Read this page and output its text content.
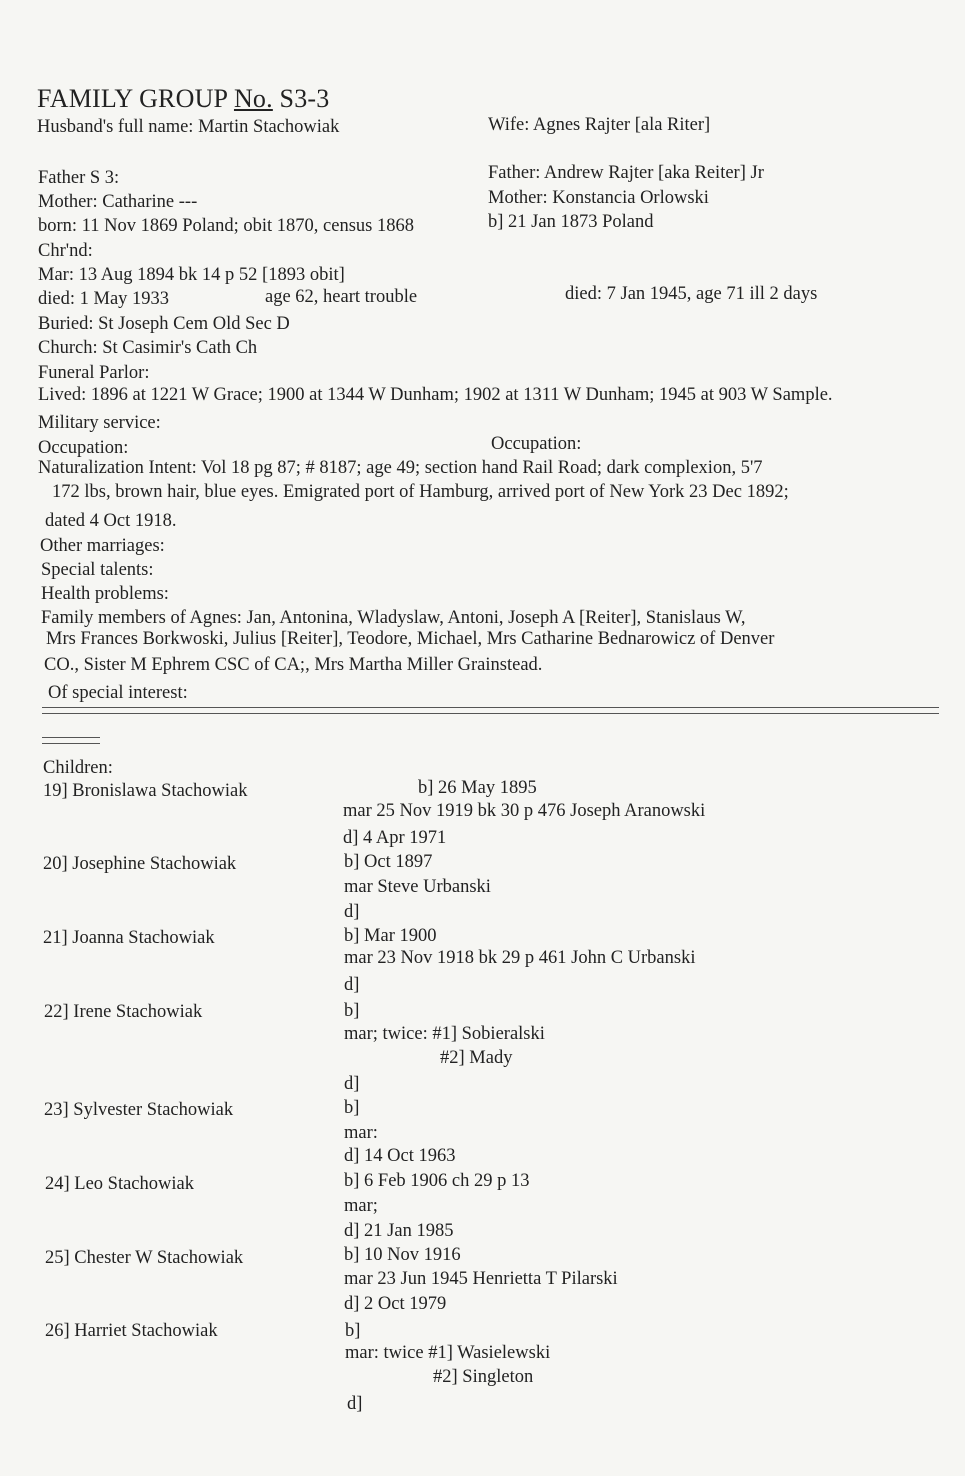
FAMILY GROUP No. S3-3
Husband's full name: Martin Stachowiak	Wife: Agnes Rajter [ala Riter]
Father S 3:	Father: Andrew Rajter [aka Reiter] Jr
Mother: Catharine ---	Mother: Konstancia Orlowski
born: 11 Nov 1869 Poland; obit 1870, census 1868	b] 21 Jan 1873 Poland
Chr'nd:
Mar: 13 Aug 1894 bk 14 p 52 [1893 obit]
died: 1 May 1933	age 62, heart trouble	died: 7 Jan 1945, age 71 ill 2 days
Buried: St Joseph Cem Old Sec D
Church: St Casimir's Cath Ch
Funeral Parlor:
Lived: 1896 at 1221 W Grace; 1900 at 1344 W Dunham; 1902 at 1311 W Dunham; 1945 at 903 W Sample.
Military service:
Occupation:	Occupation:
Naturalization Intent: Vol 18 pg 87; # 8187; age 49; section hand Rail Road; dark complexion, 5'7
172 lbs, brown hair, blue eyes. Emigrated port of Hamburg, arrived port of New York 23 Dec 1892;
dated 4 Oct 1918.
Other marriages:
Special talents:
Health problems:
Family members of Agnes: Jan, Antonina, Wladyslaw, Antoni, Joseph A [Reiter], Stanislaus W,
Mrs Frances Borkwoski, Julius [Reiter], Teodore, Michael, Mrs Catharine Bednarowicz of Denver
CO., Sister M Ephrem CSC of CA;, Mrs Martha Miller Grainstead.
Of special interest:
Children:
19] Bronislawa Stachowiak	b] 26 May 1895
mar 25 Nov 1919 bk 30 p 476 Joseph Aranowski
d] 4 Apr 1971
20] Josephine Stachowiak	b] Oct 1897
mar Steve Urbanski
d]
21] Joanna Stachowiak	b] Mar 1900
mar 23 Nov 1918 bk 29 p 461 John C Urbanski
d]
22] Irene Stachowiak	b]
mar; twice: #1] Sobieralski
#2] Mady
d]
23] Sylvester Stachowiak	b]
mar:
d] 14 Oct 1963
24] Leo Stachowiak	b] 6 Feb 1906 ch 29 p 13
mar;
d] 21 Jan 1985
25] Chester W Stachowiak	b] 10 Nov 1916
mar 23 Jun 1945 Henrietta T Pilarski
d] 2 Oct 1979
26] Harriet Stachowiak	b]
mar: twice #1] Wasielewski
#2] Singleton
d]
